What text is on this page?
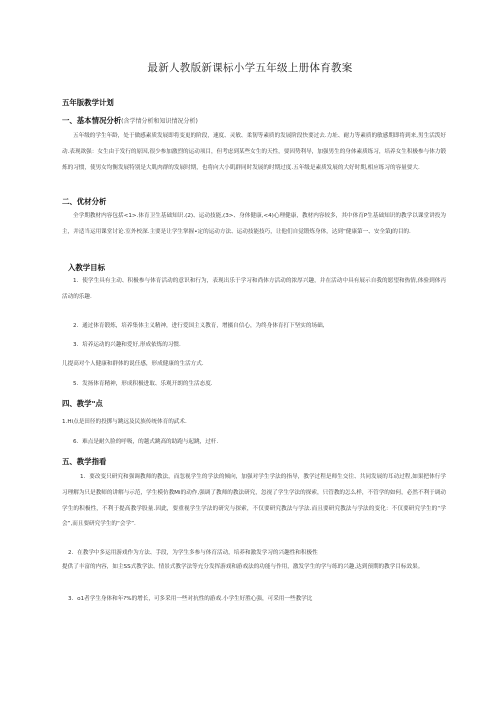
最新人教版新课标小学五年级上册体育教案
五年版教学计划
一、基本情况分析(含学情分析和知识情况分析)
五年级的学生年龄，处于做感素质发展即将变更的阶段，速度、灵敏、柔韧等素质的发展阶段快要过去.力址、耐力等素质的敏感期即将到来,男生活泼好动.表现欲强：女生由于发行的原因,很少参加激烈的运动项目，但考虑到某些女生的天性，要因势利导，加强男生的身体素质练习，培养女生积极参与体力锻炼的习惯，使男女均衡发展特别是大肌肉群的发展时期，也将向大小肌群同时发展的时期过度.五年级是素质发展的大好时期,相应练习的容量要大.
二、优材分析
全学期教材内容包括<1>.体育卫生基础知识.(2)、运动技能,(3>、身体健康,<4)心理健康，教材内容较多，其中体育P生基础知识的教学以课堂讲投为主，并适当运用课堂讨论.室外校深.主要是让学生掌握•定的运动方法、运动技能技巧，让他们自觉锻炼身体，达到“健康第一、安全第J的目的.
入教学目标
1．使学生具有主动、积极参与体育活动的意识和行为，表现出乐于学习和尚体方活动的浓厚兴趣，并在活动中具有展示自我的愿望和热情,体验到体丙活动的乐趣.
2．通过体育锻炼，培养集体主义精神，进行爱国主义教育，增摄自信心，为终身体育打下坚实的场础,
3．培养运动的兴趣和爱好,形成依炼的习惯.
儿提高对个人健康和群体的说任感，形成健康的生活方式.
5．发扬体育精神，形成积极进取、乐观开朗的生活态度.
四、教学"点
1.Hi点是田径的投掷与跳远及民族传统体育的武术.
6．难点是耐久脸的呼吸，的越式跳高的助跑与起跳，过杆.
五、教学指看
1．要改变只研究和强调教师的教法，而忽视学生的学法的倾向，加强对学生学法的指导，教学过程是师生交往、共同发展的耳动过程,如果把体行学习理解为只是教师的讲解与示范，学生模仿教Mi的动作,强调了教师的教法研究，忽视了学生学法的探索，只管教的怎么样，不管学的如何，必然不利于调动学生的积极性，不利于提高教学股量.因此，要重视学生学法的研究与探索，不仅要研究教法与学法.而且要研究教法与学法的变化：不仅要研究学生的“学会”,而且要研究学生的“会学”.
2．在教学中多运用游戏作为方法、手段，为学生多参与体育活动，培养和激发学习的兴趣性和积极性
提供了丰富的内容，如主SS式教学法、情景式教学法等充分发挥游戏和游戏法的功能与作用，激发学生的学与练的兴趣,达到预期的教学目标效果。
3．o1者学生身体和年?%的增长，可多采用一些对抗性的游戏.小学生好胜心强，可采用一些教学比
